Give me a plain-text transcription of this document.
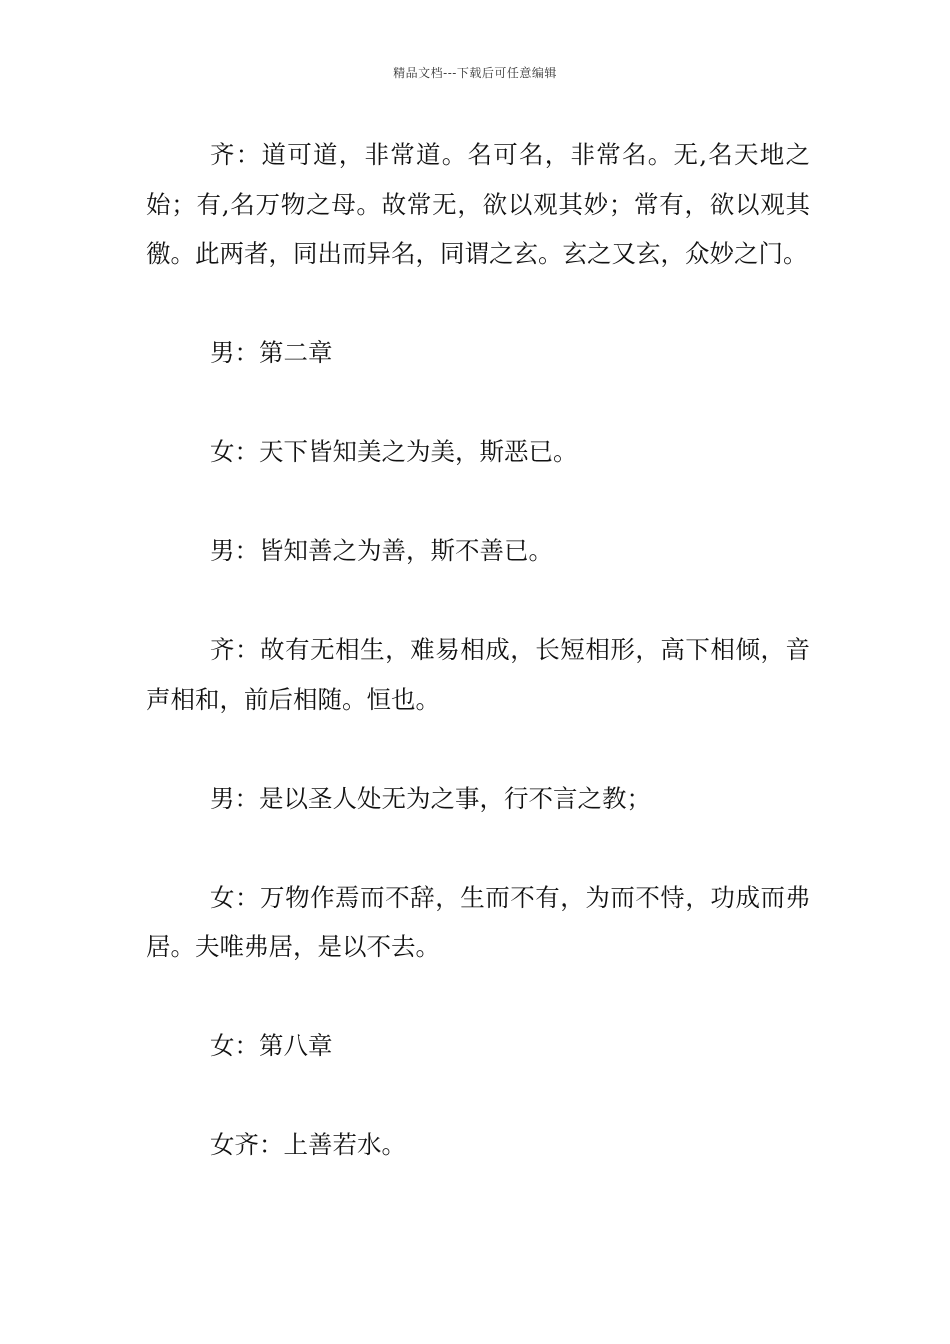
精品文档---下载后可任意编辑

齐：道可道，非常道。名可名，非常名。无,名天地之始；有,名万物之母。故常无，欲以观其妙；常有，欲以观其徼。此两者，同出而异名，同谓之玄。玄之又玄，众妙之门。

男：第二章

女：天下皆知美之为美，斯恶已。

男：皆知善之为善，斯不善已。

齐：故有无相生，难易相成，长短相形，高下相倾，音声相和，前后相随。恒也。

男：是以圣人处无为之事，行不言之教；

女：万物作焉而不辞，生而不有，为而不恃，功成而弗居。夫唯弗居，是以不去。

女：第八章

女齐：上善若水。
